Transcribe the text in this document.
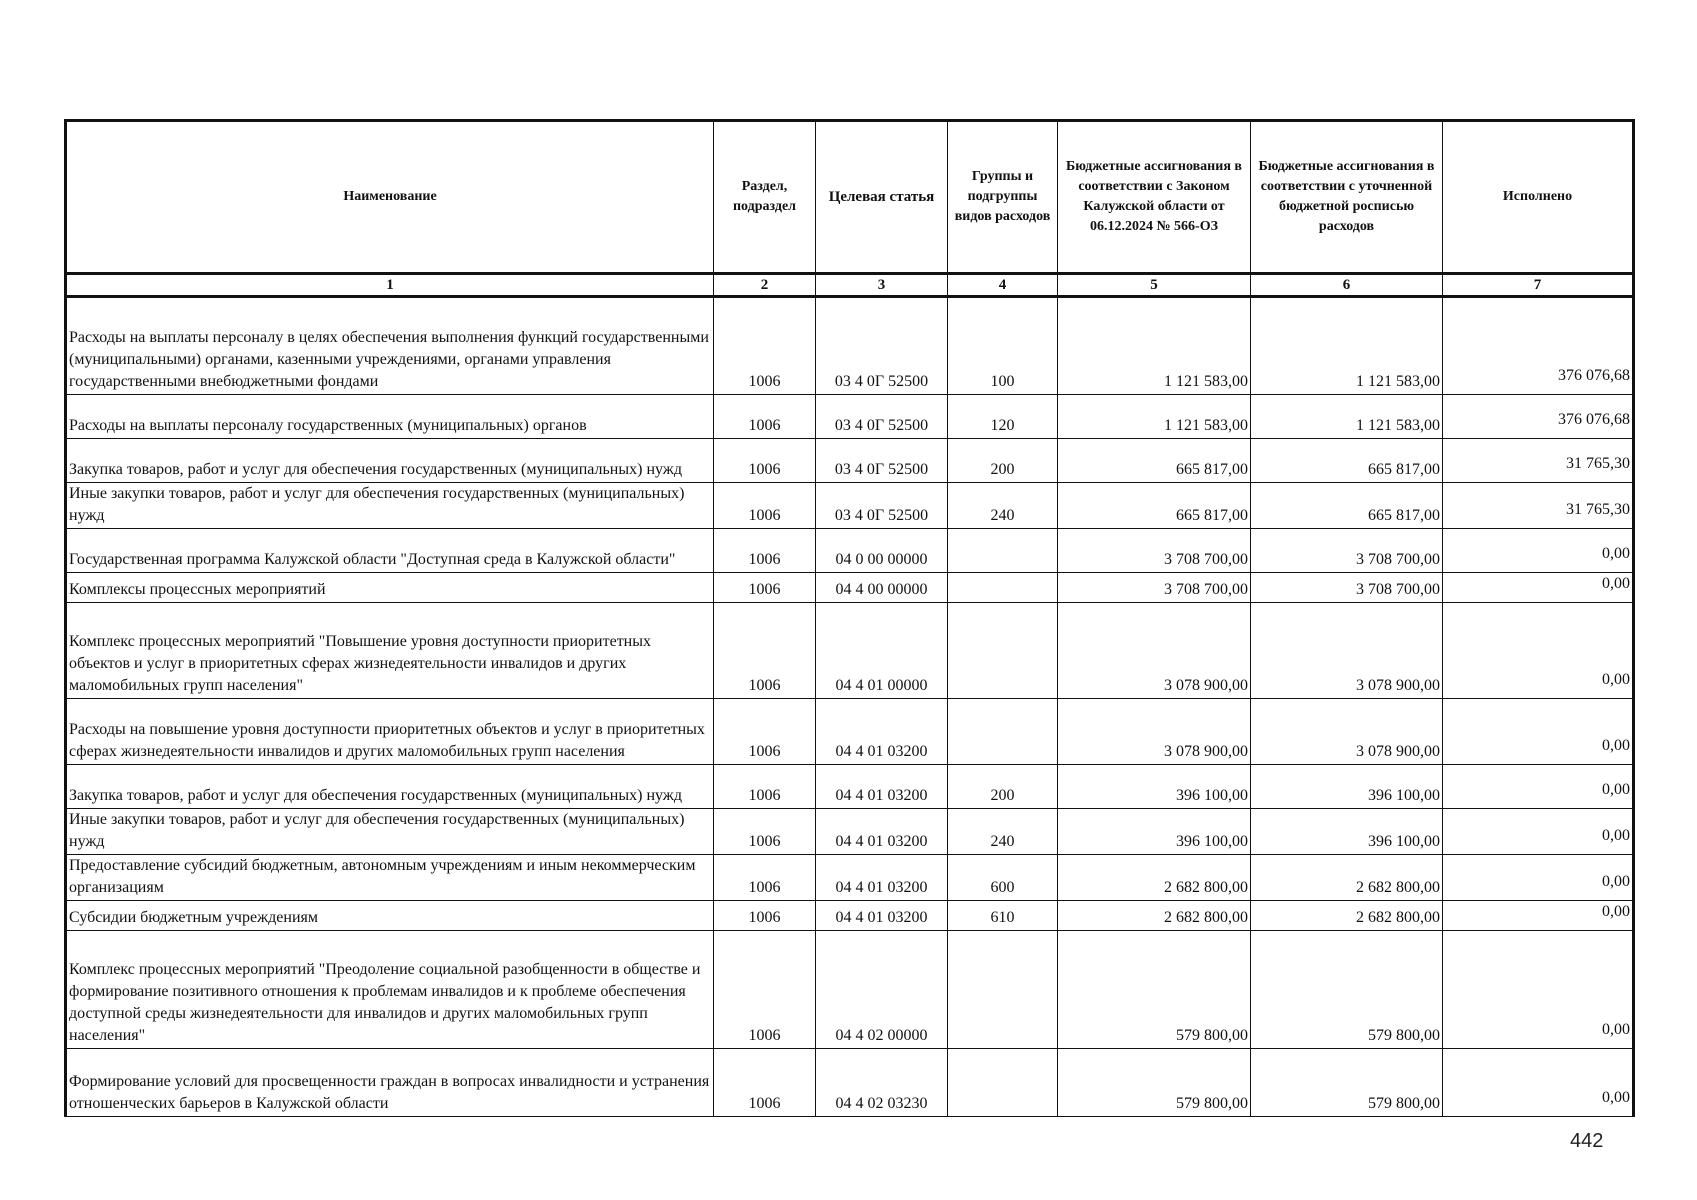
Наименование	Раздел, подраздел	Целевая статья	Группы и подгруппы видов расходов	Бюджетные ассигнования в соответствии с Законом Калужской области от 06.12.2024 № 566-ОЗ	Бюджетные ассигнования в соответствии с уточненной бюджетной росписью расходов	Исполнено
1	2	3	4	5	6	7
Расходы на выплаты персоналу в целях обеспечения выполнения функций государственными (муниципальными) органами, казенными учреждениями, органами управления государственными внебюджетными фондами	1006	03 4 0Г 52500	100	1 121 583,00	1 121 583,00	376 076,68
Расходы на выплаты персоналу государственных (муниципальных) органов	1006	03 4 0Г 52500	120	1 121 583,00	1 121 583,00	376 076,68
Закупка товаров, работ и услуг для обеспечения государственных (муниципальных) нужд	1006	03 4 0Г 52500	200	665 817,00	665 817,00	31 765,30
Иные закупки товаров, работ и услуг для обеспечения государственных (муниципальных) нужд	1006	03 4 0Г 52500	240	665 817,00	665 817,00	31 765,30
Государственная программа Калужской области "Доступная среда в Калужской области"	1006	04 0 00 00000		3 708 700,00	3 708 700,00	0,00
Комплексы процессных мероприятий	1006	04 4 00 00000		3 708 700,00	3 708 700,00	0,00
Комплекс процессных мероприятий "Повышение уровня доступности приоритетных объектов и услуг в приоритетных сферах жизнедеятельности инвалидов и других маломобильных групп населения"	1006	04 4 01 00000		3 078 900,00	3 078 900,00	0,00
Расходы на повышение уровня доступности приоритетных объектов и услуг в приоритетных сферах жизнедеятельности инвалидов и других маломобильных групп населения	1006	04 4 01 03200		3 078 900,00	3 078 900,00	0,00
Закупка товаров, работ и услуг для обеспечения государственных (муниципальных) нужд	1006	04 4 01 03200	200	396 100,00	396 100,00	0,00
Иные закупки товаров, работ и услуг для обеспечения государственных (муниципальных) нужд	1006	04 4 01 03200	240	396 100,00	396 100,00	0,00
Предоставление субсидий бюджетным, автономным учреждениям и иным некоммерческим организациям	1006	04 4 01 03200	600	2 682 800,00	2 682 800,00	0,00
Субсидии бюджетным учреждениям	1006	04 4 01 03200	610	2 682 800,00	2 682 800,00	0,00
Комплекс процессных мероприятий "Преодоление социальной разобщенности в обществе и формирование позитивного отношения к проблемам инвалидов и к проблеме обеспечения доступной среды жизнедеятельности для инвалидов и других маломобильных групп населения"	1006	04 4 02 00000		579 800,00	579 800,00	0,00
Формирование условий для просвещенности граждан в вопросах инвалидности и устранения отношенческих барьеров в Калужской области	1006	04 4 02 03230		579 800,00	579 800,00	0,00
442
